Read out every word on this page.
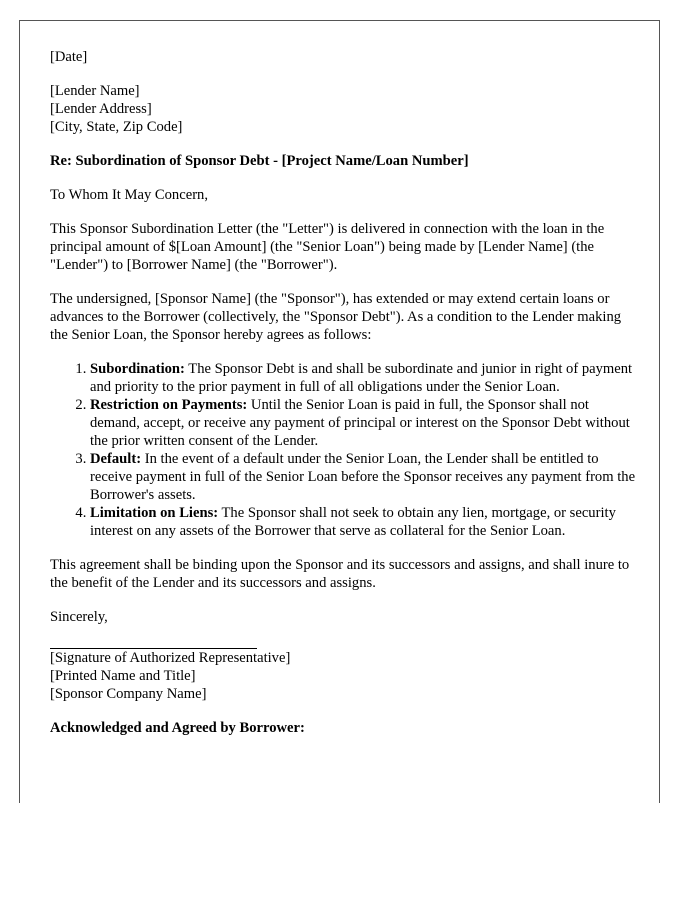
[Date]
[Lender Name]
[Lender Address]
[City, State, Zip Code]
Re: Subordination of Sponsor Debt - [Project Name/Loan Number]
To Whom It May Concern,
This Sponsor Subordination Letter (the "Letter") is delivered in connection with the loan in the principal amount of $[Loan Amount] (the "Senior Loan") being made by [Lender Name] (the "Lender") to [Borrower Name] (the "Borrower").
The undersigned, [Sponsor Name] (the "Sponsor"), has extended or may extend certain loans or advances to the Borrower (collectively, the "Sponsor Debt"). As a condition to the Lender making the Senior Loan, the Sponsor hereby agrees as follows:
1. Subordination: The Sponsor Debt is and shall be subordinate and junior in right of payment and priority to the prior payment in full of all obligations under the Senior Loan.
2. Restriction on Payments: Until the Senior Loan is paid in full, the Sponsor shall not demand, accept, or receive any payment of principal or interest on the Sponsor Debt without the prior written consent of the Lender.
3. Default: In the event of a default under the Senior Loan, the Lender shall be entitled to receive payment in full of the Senior Loan before the Sponsor receives any payment from the Borrower's assets.
4. Limitation on Liens: The Sponsor shall not seek to obtain any lien, mortgage, or security interest on any assets of the Borrower that serve as collateral for the Senior Loan.
This agreement shall be binding upon the Sponsor and its successors and assigns, and shall inure to the benefit of the Lender and its successors and assigns.
Sincerely,
[Signature of Authorized Representative]
[Printed Name and Title]
[Sponsor Company Name]
Acknowledged and Agreed by Borrower:
